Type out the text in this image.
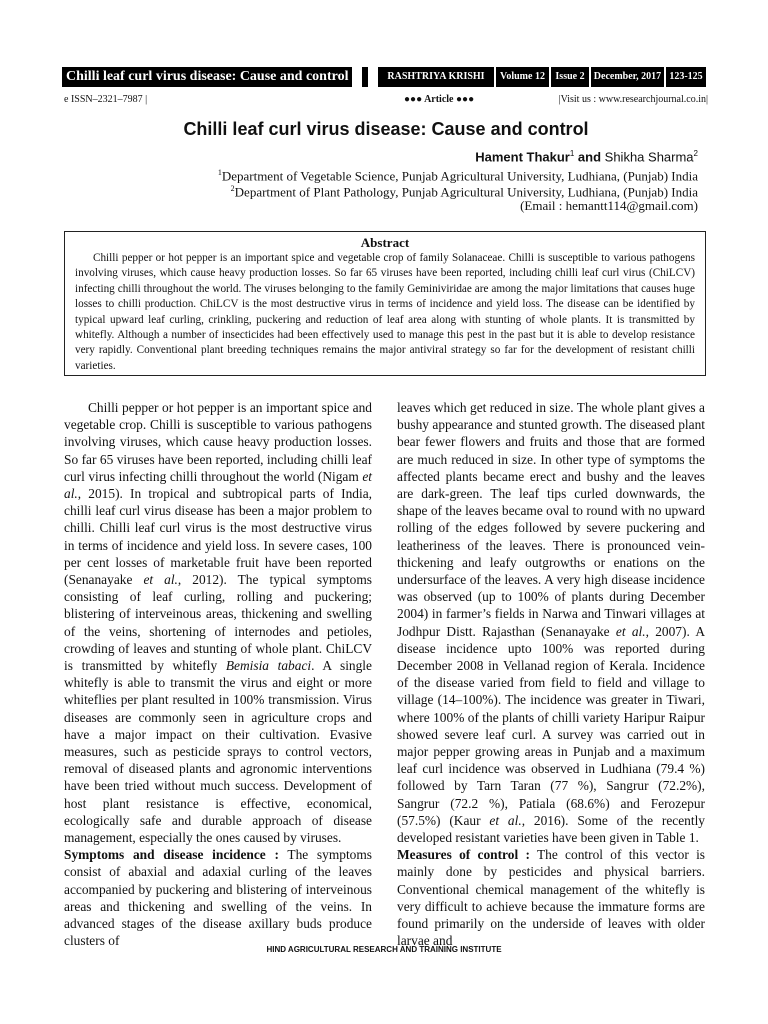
Chilli leaf curl virus disease: Cause and control	RASHTRIYA KRISHI	Volume 12	Issue 2 December, 2017 123-125
e ISSN–2321–7987 |	●●● Article ●●●	|Visit us : www.researchjournal.co.in|
Chilli leaf curl virus disease: Cause and control
Hament Thakur$^1$ and Shikha Sharma$^2$
$^1$Department of Vegetable Science, Punjab Agricultural University, Ludhiana, (Punjab) India
$^2$Department of Plant Pathology, Punjab Agricultural University, Ludhiana, (Punjab) India
(Email : hemantt114@gmail.com)
Abstract

Chilli pepper or hot pepper is an important spice and vegetable crop of family Solanaceae. Chilli is susceptible to various pathogens involving viruses, which cause heavy production losses. So far 65 viruses have been reported, including chilli leaf curl virus (ChiLCV) infecting chilli throughout the world. The viruses belonging to the family Geminiviridae are among the major limitations that causes huge losses to chilli production. ChiLCV is the most destructive virus in terms of incidence and yield loss. The disease can be identified by typical upward leaf curling, crinkling, puckering and reduction of leaf area along with stunting of whole plants. It is transmitted by whitefly. Although a number of insecticides had been effectively used to manage this pest in the past but it is able to develop resistance very rapidly. Conventional plant breeding techniques remains the major antiviral strategy so far for the development of resistant chilli varieties.

Chilli pepper or hot pepper is an important spice and vegetable crop. Chilli is susceptible to various pathogens involving viruses, which cause heavy production losses. So far 65 viruses have been reported, including chilli leaf curl virus infecting chilli throughout the world (Nigam et al., 2015). In tropical and subtropical parts of India, chilli leaf curl virus disease has been a major problem to chilli. Chilli leaf curl virus is the most destructive virus in terms of incidence and yield loss. In severe cases, 100 per cent losses of marketable fruit have been reported (Senanayake et al., 2012). The typical symptoms consisting of leaf curling, rolling and puckering; blistering of interveinous areas, thickening and swelling of the veins, shortening of internodes and petioles, crowding of leaves and stunting of whole plant. ChiLCV is transmitted by whitefly Bemisia tabaci. A single whitefly is able to transmit the virus and eight or more whiteflies per plant resulted in 100% transmission. Virus diseases are commonly seen in agriculture crops and have a major impact on their cultivation. Evasive measures, such as pesticide sprays to control vectors, removal of diseased plants and agronomic interventions have been tried without much success. Development of host plant resistance is effective, economical, ecologically safe and durable approach of disease management, especially the ones caused by viruses.

Symptoms and disease incidence : The symptoms consist of abaxial and adaxial curling of the leaves accompanied by puckering and blistering of interveinous areas and thickening and swelling of the veins. In advanced stages of the disease axillary buds produce clusters of

leaves which get reduced in size. The whole plant gives a bushy appearance and stunted growth. The diseased plant bear fewer flowers and fruits and those that are formed are much reduced in size. In other type of symptoms the affected plants became erect and bushy and the leaves are dark-green. The leaf tips curled downwards, the shape of the leaves became oval to round with no upward rolling of the edges followed by severe puckering and leatheriness of the leaves. There is pronounced vein-thickening and leafy outgrowths or enations on the undersurface of the leaves. A very high disease incidence was observed (up to 100% of plants during December 2004) in farmer’s fields in Narwa and Tinwari villages at Jodhpur Distt. Rajasthan (Senanayake et al., 2007). A disease incidence upto 100% was reported during December 2008 in Vellanad region of Kerala. Incidence of the disease varied from field to field and village to village (14–100%). The incidence was greater in Tiwari, where 100% of the plants of chilli variety Haripur Raipur showed severe leaf curl. A survey was carried out in major pepper growing areas in Punjab and a maximum leaf curl incidence was observed in Ludhiana (79.4 %) followed by Tarn Taran (77 %), Sangrur (72.2%), Sangrur (72.2 %), Patiala (68.6%) and Ferozepur (57.5%) (Kaur et al., 2016). Some of the recently developed resistant varieties have been given in Table 1.

Measures of control : The control of this vector is mainly done by pesticides and physical barriers. Conventional chemical management of the whitefly is very difficult to achieve because the immature forms are found primarily on the underside of leaves with older larvae and

HIND AGRICULTURAL RESEARCH AND TRAINING INSTITUTE
